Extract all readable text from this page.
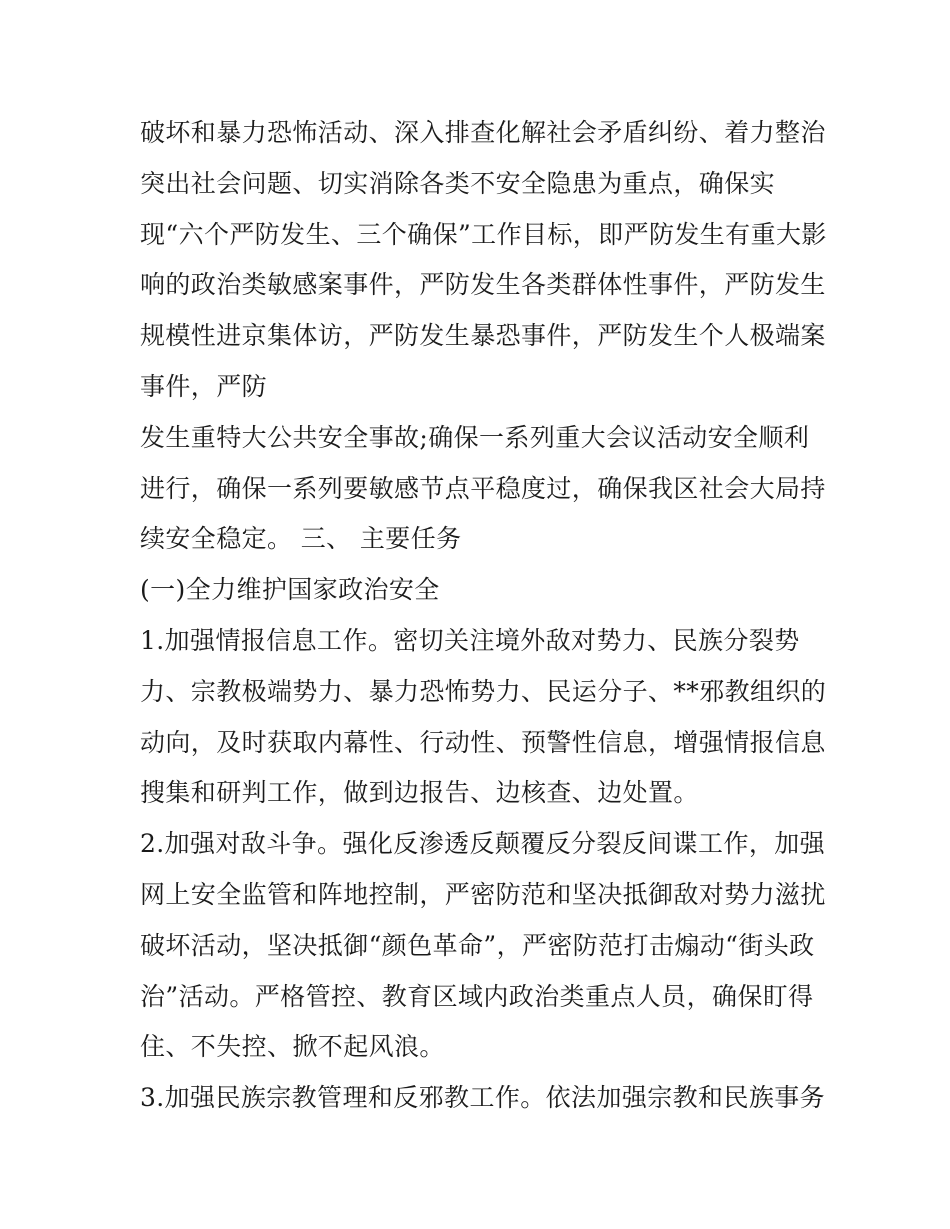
破坏和暴力恐怖活动、深入排查化解社会矛盾纠纷、着力整治
突出社会问题、切实消除各类不安全隐患为重点，确保实
现“六个严防发生、三个确保”工作目标，即严防发生有重大影
响的政治类敏感案事件，严防发生各类群体性事件，严防发生
规模性进京集体访，严防发生暴恐事件，严防发生个人极端案
事件，严防
发生重特大公共安全事故;确保一系列重大会议活动安全顺利
进行，确保一系列要敏感节点平稳度过，确保我区社会大局持
续安全稳定。 三、 主要任务
(一)全力维护国家政治安全
1.加强情报信息工作。密切关注境外敌对势力、民族分裂势
力、宗教极端势力、暴力恐怖势力、民运分子、**邪教组织的
动向，及时获取内幕性、行动性、预警性信息，增强情报信息
搜集和研判工作，做到边报告、边核查、边处置。
2.加强对敌斗争。强化反渗透反颠覆反分裂反间谍工作，加强
网上安全监管和阵地控制，严密防范和坚决抵御敌对势力滋扰
破坏活动，坚决抵御“颜色革命”，严密防范打击煽动“街头政
治”活动。严格管控、教育区域内政治类重点人员，确保盯得
住、不失控、掀不起风浪。
3.加强民族宗教管理和反邪教工作。依法加强宗教和民族事务
